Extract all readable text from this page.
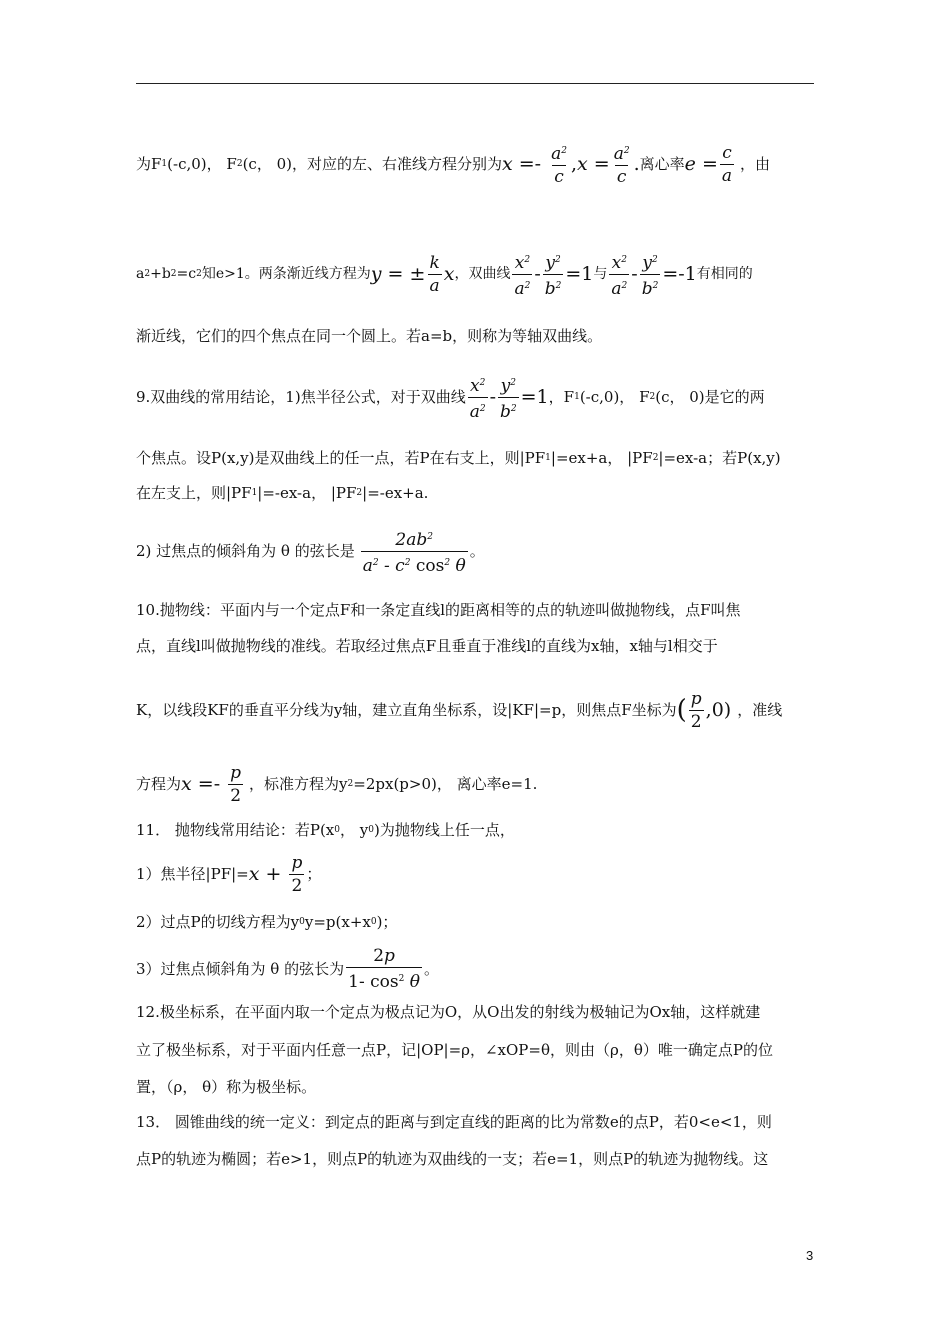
为F 1 (-c,0)， F 2 (c， 0)，对应的左、右准线方程分别为 $x =- \frac{a^2}{c}$ , $x = \frac{a^2}{c}$ . 离心率 $e = \frac{c}{a}$ ，由
a 2 +b 2 =c 2 知e>1。两条渐近线方程为 y = ± $\frac{k}{a}$ x ，双曲线 $\frac{x^2}{a^2} - \frac{y^2}{b^2} =1$ 与 $\frac{x^2}{a^2} - \frac{y^2}{b^2} =-1$ 有相同的
渐近线，它们的四个焦点在同一个圆上。若a=b，则称为等轴双曲线。
9.双曲线的常用结论，1)焦半径公式，对于双曲线 $\frac{x^2}{a^2} - \frac{y^2}{b^2} =1$ ，F 1 (-c,0)， F 2 (c， 0)是它的两
个焦点。设P(x,y)是双曲线上的任一点，若P在右支上，则|PF 1 |=ex+a， |PF 2 |=ex-a；若P(x,y)
在左支上，则|PF 1 |=-ex-a， |PF 2 |=-ex+a.
2) 过焦点的倾斜角为 θ 的弦长是 $\frac{2ab^2}{a^2 - c^2 \cos^2 \theta}$ 。
10.抛物线：平面内与一个定点F和一条定直线l的距离相等的点的轨迹叫做抛物线，点F叫焦
点，直线l叫做抛物线的准线。若取经过焦点F且垂直于准线l的直线为x轴，x轴与l相交于
K，以线段KF的垂直平分线为y轴，建立直角坐标系，设|KF|=p，则焦点F坐标为 ( $\frac{p}{2} ,0$) ，准线
方程为 $x =- \frac{p}{2}$ ，标准方程为y 2 =2px(p>0)， 离心率e=1.
11． 抛物线常用结论：若P(x 0 ， y 0 )为抛物线上任一点，
1）焦半径$|PF|= x + \frac{p}{2}$ ；
2）过点P的切线方程为y 0 y=p(x+x 0 )；
3）过焦点倾斜角为 θ 的弦长为 $\frac{2p}{1- \cos^2 \theta}$ 。
12.极坐标系，在平面内取一个定点为极点记为O，从O出发的射线为极轴记为Ox轴，这样就建
立了极坐标系，对于平面内任意一点P，记|OP|=ρ，∠xOP=θ，则由（ρ，θ）唯一确定点P的位
置，（ρ， θ）称为极坐标。
13． 圆锥曲线的统一定义：到定点的距离与到定直线的距离的比为常数e的点P，若0<e<1，则
点P的轨迹为椭圆；若e>1，则点P的轨迹为双曲线的一支；若e=1，则点P的轨迹为抛物线。这
3
